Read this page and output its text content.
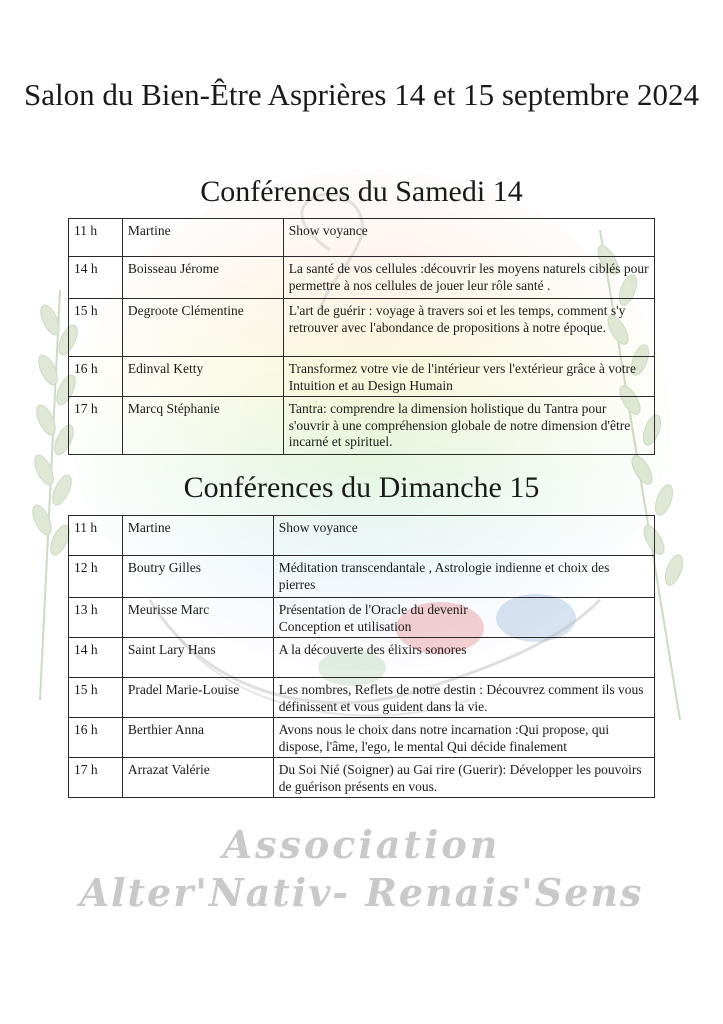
Salon du Bien-Être Asprières 14 et 15 septembre 2024
Conférences du Samedi 14
11 h	Martine	Show voyance
14 h	Boisseau Jérome	La santé de vos cellules :découvrir les moyens naturels ciblés pour permettre à nos cellules de jouer leur rôle santé .
15 h	Degroote Clémentine	L'art de guérir : voyage à travers soi et les temps, comment s'y retrouver avec l'abondance de propositions à notre époque.
16 h	Edinval Ketty	Transformez votre vie de l'intérieur vers l'extérieur grâce à votre Intuition et au Design Humain
17 h	Marcq Stéphanie	Tantra: comprendre la dimension holistique du Tantra pour s'ouvrir à une compréhension globale de notre dimension d'être incarné et spirituel.
Conférences du Dimanche 15
11 h	Martine	Show voyance
12 h	Boutry Gilles	Méditation transcendantale , Astrologie indienne et choix des pierres
13 h	Meurisse Marc	Présentation de l'Oracle du devenir
Conception et utilisation
14 h	Saint Lary Hans	A la découverte des élixirs sonores
15 h	Pradel Marie-Louise	Les nombres, Reflets de notre destin : Découvrez comment ils vous définissent et vous guident dans la vie.
16 h	Berthier Anna	Avons nous le choix dans notre incarnation :Qui propose, qui dispose, l'âme, l'ego, le mental Qui décide finalement
17 h	Arrazat Valérie	Du Soi Nié (Soigner) au Gai rire (Guerir): Développer les pouvoirs de guérison présents en vous.

Association

Alter'Nativ- Renais'Sens
